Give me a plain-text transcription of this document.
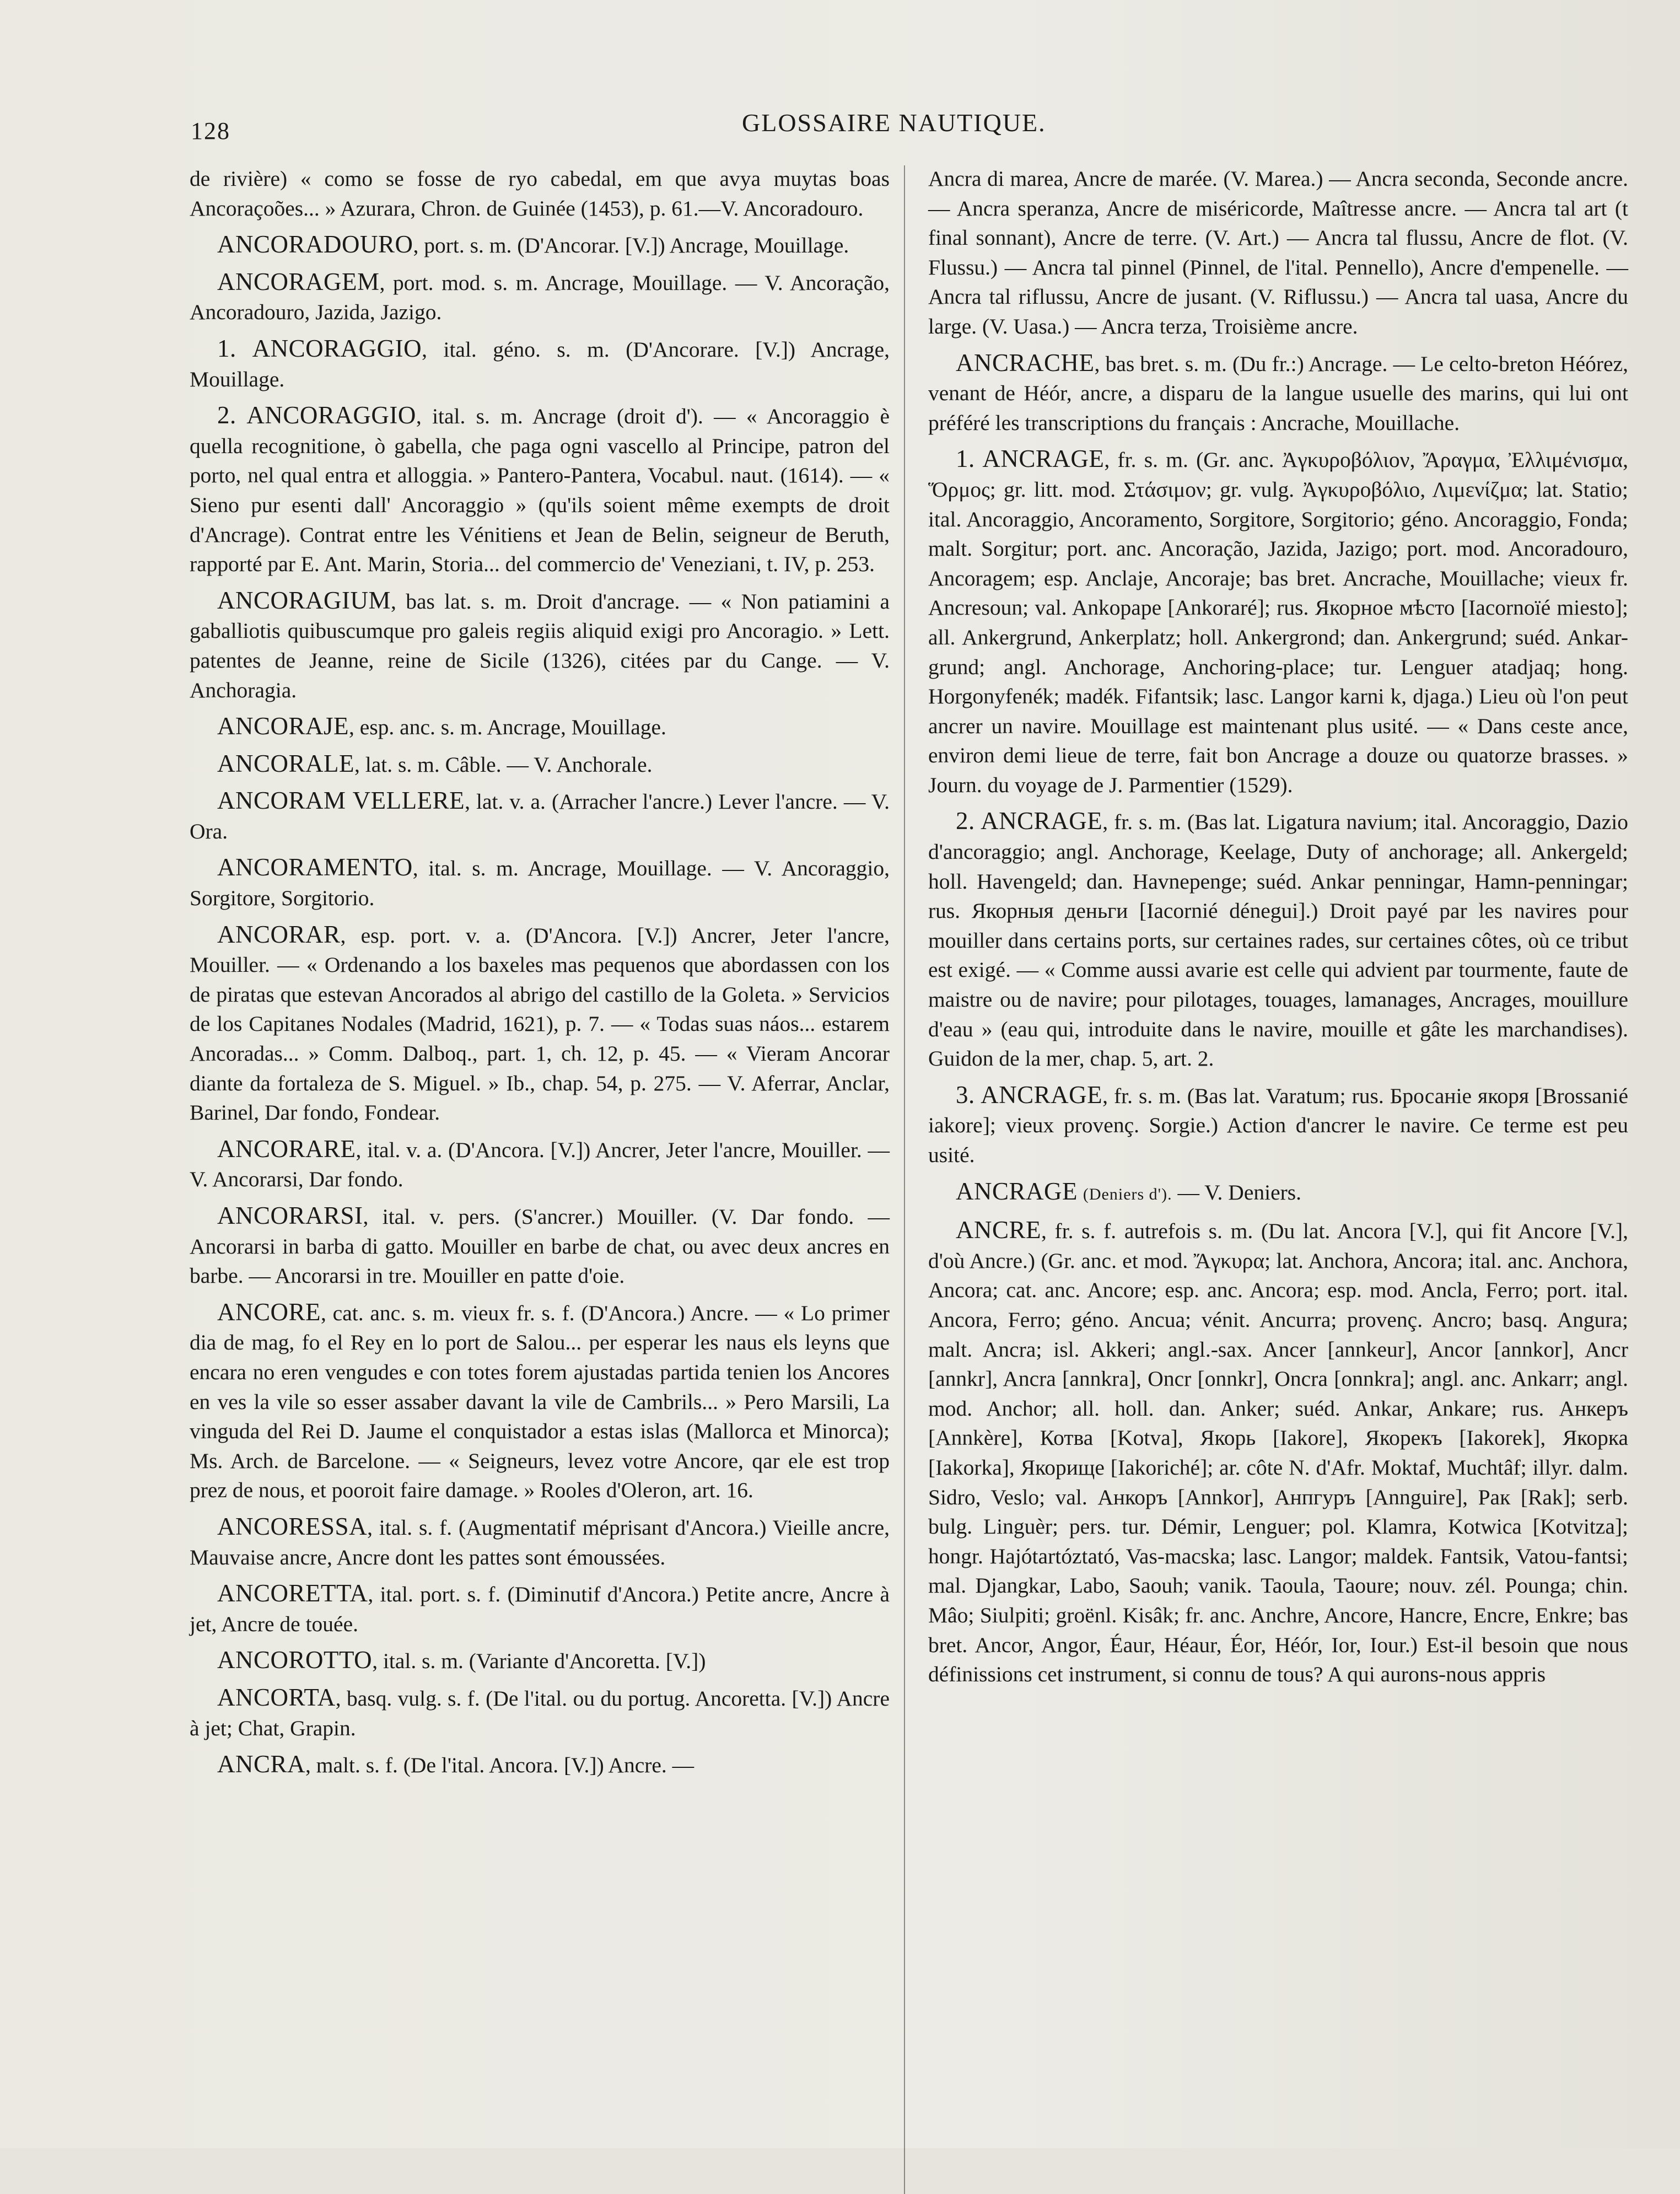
128	GLOSSAIRE NAUTIQUE.

de rivière) « como se fosse de ryo cabedal, em que avya muytas boas Ancoraçoões... » Azurara, Chron. de Guinée (1453), p. 61.—V. Ancoradouro.

ANCORADOURO, port. s. m. (D'Ancorar. [V.]) Ancrage, Mouillage.

ANCORAGEM, port. mod. s. m. Ancrage, Mouillage. — V. Ancoração, Ancoradouro, Jazida, Jazigo.

1. ANCORAGGIO, ital. géno. s. m. (D'Ancorare. [V.]) Ancrage, Mouillage.

2. ANCORAGGIO, ital. s. m. Ancrage (droit d'). — « Ancoraggio è quella recognitione, ò gabella, che paga ogni vascello al Principe, patron del porto, nel qual entra et alloggia. » Pantero-Pantera, Vocabul. naut. (1614). — « Sieno pur esenti dall' Ancoraggio » (qu'ils soient même exempts de droit d'Ancrage). Contrat entre les Vénitiens et Jean de Belin, seigneur de Beruth, rapporté par E. Ant. Marin, Storia... del commercio de' Veneziani, t. IV, p. 253.

ANCORAGIUM, bas lat. s. m. Droit d'ancrage. — « Non patiamini a gaballiotis quibuscumque pro galeis regiis aliquid exigi pro Ancoragio. » Lett. patentes de Jeanne, reine de Sicile (1326), citées par du Cange. — V. Anchoragia.

ANCORAJE, esp. anc. s. m. Ancrage, Mouillage.

ANCORALE, lat. s. m. Câble. — V. Anchorale.

ANCORAM VELLERE, lat. v. a. (Arracher l'ancre.) Lever l'ancre. — V. Ora.

ANCORAMENTO, ital. s. m. Ancrage, Mouillage. — V. Ancoraggio, Sorgitore, Sorgitorio.

ANCORAR, esp. port. v. a. (D'Ancora. [V.]) Ancrer, Jeter l'ancre, Mouiller. — « Ordenando a los baxeles mas pequenos que abordassen con los de piratas que estevan Ancorados al abrigo del castillo de la Goleta. » Servicios de los Capitanes Nodales (Madrid, 1621), p. 7. — « Todas suas náos... estarem Ancoradas... » Comm. Dalboq., part. 1, ch. 12, p. 45. — « Vieram Ancorar diante da fortaleza de S. Miguel. » Ib., chap. 54, p. 275. — V. Aferrar, Anclar, Barinel, Dar fondo, Fondear.

ANCORARE, ital. v. a. (D'Ancora. [V.]) Ancrer, Jeter l'ancre, Mouiller. — V. Ancorarsi, Dar fondo.

ANCORARSI, ital. v. pers. (S'ancrer.) Mouiller. (V. Dar fondo. — Ancorarsi in barba di gatto. Mouiller en barbe de chat, ou avec deux ancres en barbe. — Ancorarsi in tre. Mouiller en patte d'oie.

ANCORE, cat. anc. s. m. vieux fr. s. f. (D'Ancora.) Ancre. — « Lo primer dia de mag, fo el Rey en lo port de Salou... per esperar les naus els leyns que encara no eren vengudes e con totes forem ajustadas partida tenien los Ancores en ves la vile so esser assaber davant la vile de Cambrils... » Pero Marsili, La vinguda del Rei D. Jaume el conquistador a estas islas (Mallorca et Minorca); Ms. Arch. de Barcelone. — « Seigneurs, levez votre Ancore, qar ele est trop prez de nous, et pooroit faire damage. » Rooles d'Oleron, art. 16.

ANCORESSA, ital. s. f. (Augmentatif méprisant d'Ancora.) Vieille ancre, Mauvaise ancre, Ancre dont les pattes sont émoussées.

ANCORETTA, ital. port. s. f. (Diminutif d'Ancora.) Petite ancre, Ancre à jet, Ancre de touée.

ANCOROTTO, ital. s. m. (Variante d'Ancoretta. [V.])

ANCORTA, basq. vulg. s. f. (De l'ital. ou du portug. Ancoretta. [V.]) Ancre à jet; Chat, Grapin.

ANCRA, malt. s. f. (De l'ital. Ancora. [V.]) Ancre. —

Ancra di marea, Ancre de marée. (V. Marea.) — Ancra seconda, Seconde ancre. — Ancra speranza, Ancre de miséricorde, Maîtresse ancre. — Ancra tal art (t final sonnant), Ancre de terre. (V. Art.) — Ancra tal flussu, Ancre de flot. (V. Flussu.) — Ancra tal pinnel (Pinnel, de l'ital. Pennello), Ancre d'empenelle. — Ancra tal riflussu, Ancre de jusant. (V. Riflussu.) — Ancra tal uasa, Ancre du large. (V. Uasa.) — Ancra terza, Troisième ancre.

ANCRACHE, bas bret. s. m. (Du fr.:) Ancrage. — Le celto-breton Héórez, venant de Héór, ancre, a disparu de la langue usuelle des marins, qui lui ont préféré les transcriptions du français : Ancrache, Mouillache.

1. ANCRAGE, fr. s. m. (Gr. anc. Ἀγκυροβόλιον, Ἄραγμα, Ἐλλιμένισμα, Ὅρμος; gr. litt. mod. Στάσιμον; gr. vulg. Ἀγκυροβόλιο, Λιμενίζμα; lat. Statio; ital. Ancoraggio, Ancoramento, Sorgitore, Sorgitorio; géno. Ancoraggio, Fonda; malt. Sorgitur; port. anc. Ancoração, Jazida, Jazigo; port. mod. Ancoradouro, Ancoragem; esp. Anclaje, Ancoraje; bas bret. Ancrache, Mouillache; vieux fr. Ancresoun; val. Ankopape [Ankoraré]; rus. Якорное мѣсто [Iacornoïé miesto]; all. Ankergrund, Ankerplatz; holl. Ankergrond; dan. Ankergrund; suéd. Ankar-grund; angl. Anchorage, Anchoring-place; tur. Lenguer atadjaq; hong. Horgonyfenék; madék. Fifantsik; lasc. Langor karni k, djaga.) Lieu où l'on peut ancrer un navire. Mouillage est maintenant plus usité. — « Dans ceste ance, environ demi lieue de terre, fait bon Ancrage a douze ou quatorze brasses. » Journ. du voyage de J. Parmentier (1529).

2. ANCRAGE, fr. s. m. (Bas lat. Ligatura navium; ital. Ancoraggio, Dazio d'ancoraggio; angl. Anchorage, Keelage, Duty of anchorage; all. Ankergeld; holl. Havengeld; dan. Havnepenge; suéd. Ankar penningar, Hamn-penningar; rus. Якорныя деньги [Iacornié dénegui].) Droit payé par les navires pour mouiller dans certains ports, sur certaines rades, sur certaines côtes, où ce tribut est exigé. — « Comme aussi avarie est celle qui advient par tourmente, faute de maistre ou de navire; pour pilotages, touages, lamanages, Ancrages, mouillure d'eau » (eau qui, introduite dans le navire, mouille et gâte les marchandises). Guidon de la mer, chap. 5, art. 2.

3. ANCRAGE, fr. s. m. (Bas lat. Varatum; rus. Бросаніе якоря [Brossanié iakore]; vieux provenç. Sorgie.) Action d'ancrer le navire. Ce terme est peu usité.

ANCRAGE (Deniers d'). — V. Deniers.

ANCRE, fr. s. f. autrefois s. m. (Du lat. Ancora [V.], qui fit Ancore [V.], d'où Ancre.) (Gr. anc. et mod. Ἄγκυρα; lat. Anchora, Ancora; ital. anc. Anchora, Ancora; cat. anc. Ancore; esp. anc. Ancora; esp. mod. Ancla, Ferro; port. ital. Ancora, Ferro; géno. Ancua; vénit. Ancurra; provenç. Ancro; basq. Angura; malt. Ancra; isl. Akkeri; angl.-sax. Ancer [annkeur], Ancor [annkor], Ancr [annkr], Ancra [annkra], Oncr [onnkr], Oncra [onnkra]; angl. anc. Ankarr; angl. mod. Anchor; all. holl. dan. Anker; suéd. Ankar, Ankare; rus. Анкеръ [Annkère], Котва [Kotva], Якорь [Iakore], Якорекъ [Iakorek], Якорка [Iakorka], Якорище [Iakoriché]; ar. côte N. d'Afr. Moktaf, Muchtâf; illyr. dalm. Sidro, Veslo; val. Анкоръ [Annkor], Анпгуръ [Annguire], Рак [Rak]; serb. bulg. Linguèr; pers. tur. Démir, Lenguer; pol. Klamra, Kotwica [Kotvitza]; hongr. Hajótartóztató, Vas-macska; lasc. Langor; maldek. Fantsik, Vatou-fantsi; mal. Djangkar, Labo, Saouh; vanik. Taoula, Taoure; nouv. zél. Pounga; chin. Mâo; Siulpiti; groënl. Kisâk; fr. anc. Anchre, Ancore, Hancre, Encre, Enkre; bas bret. Ancor, Angor, Éaur, Héaur, Éor, Héór, Ior, Iour.) Est-il besoin que nous définissions cet instrument, si connu de tous? A qui aurons-nous appris
